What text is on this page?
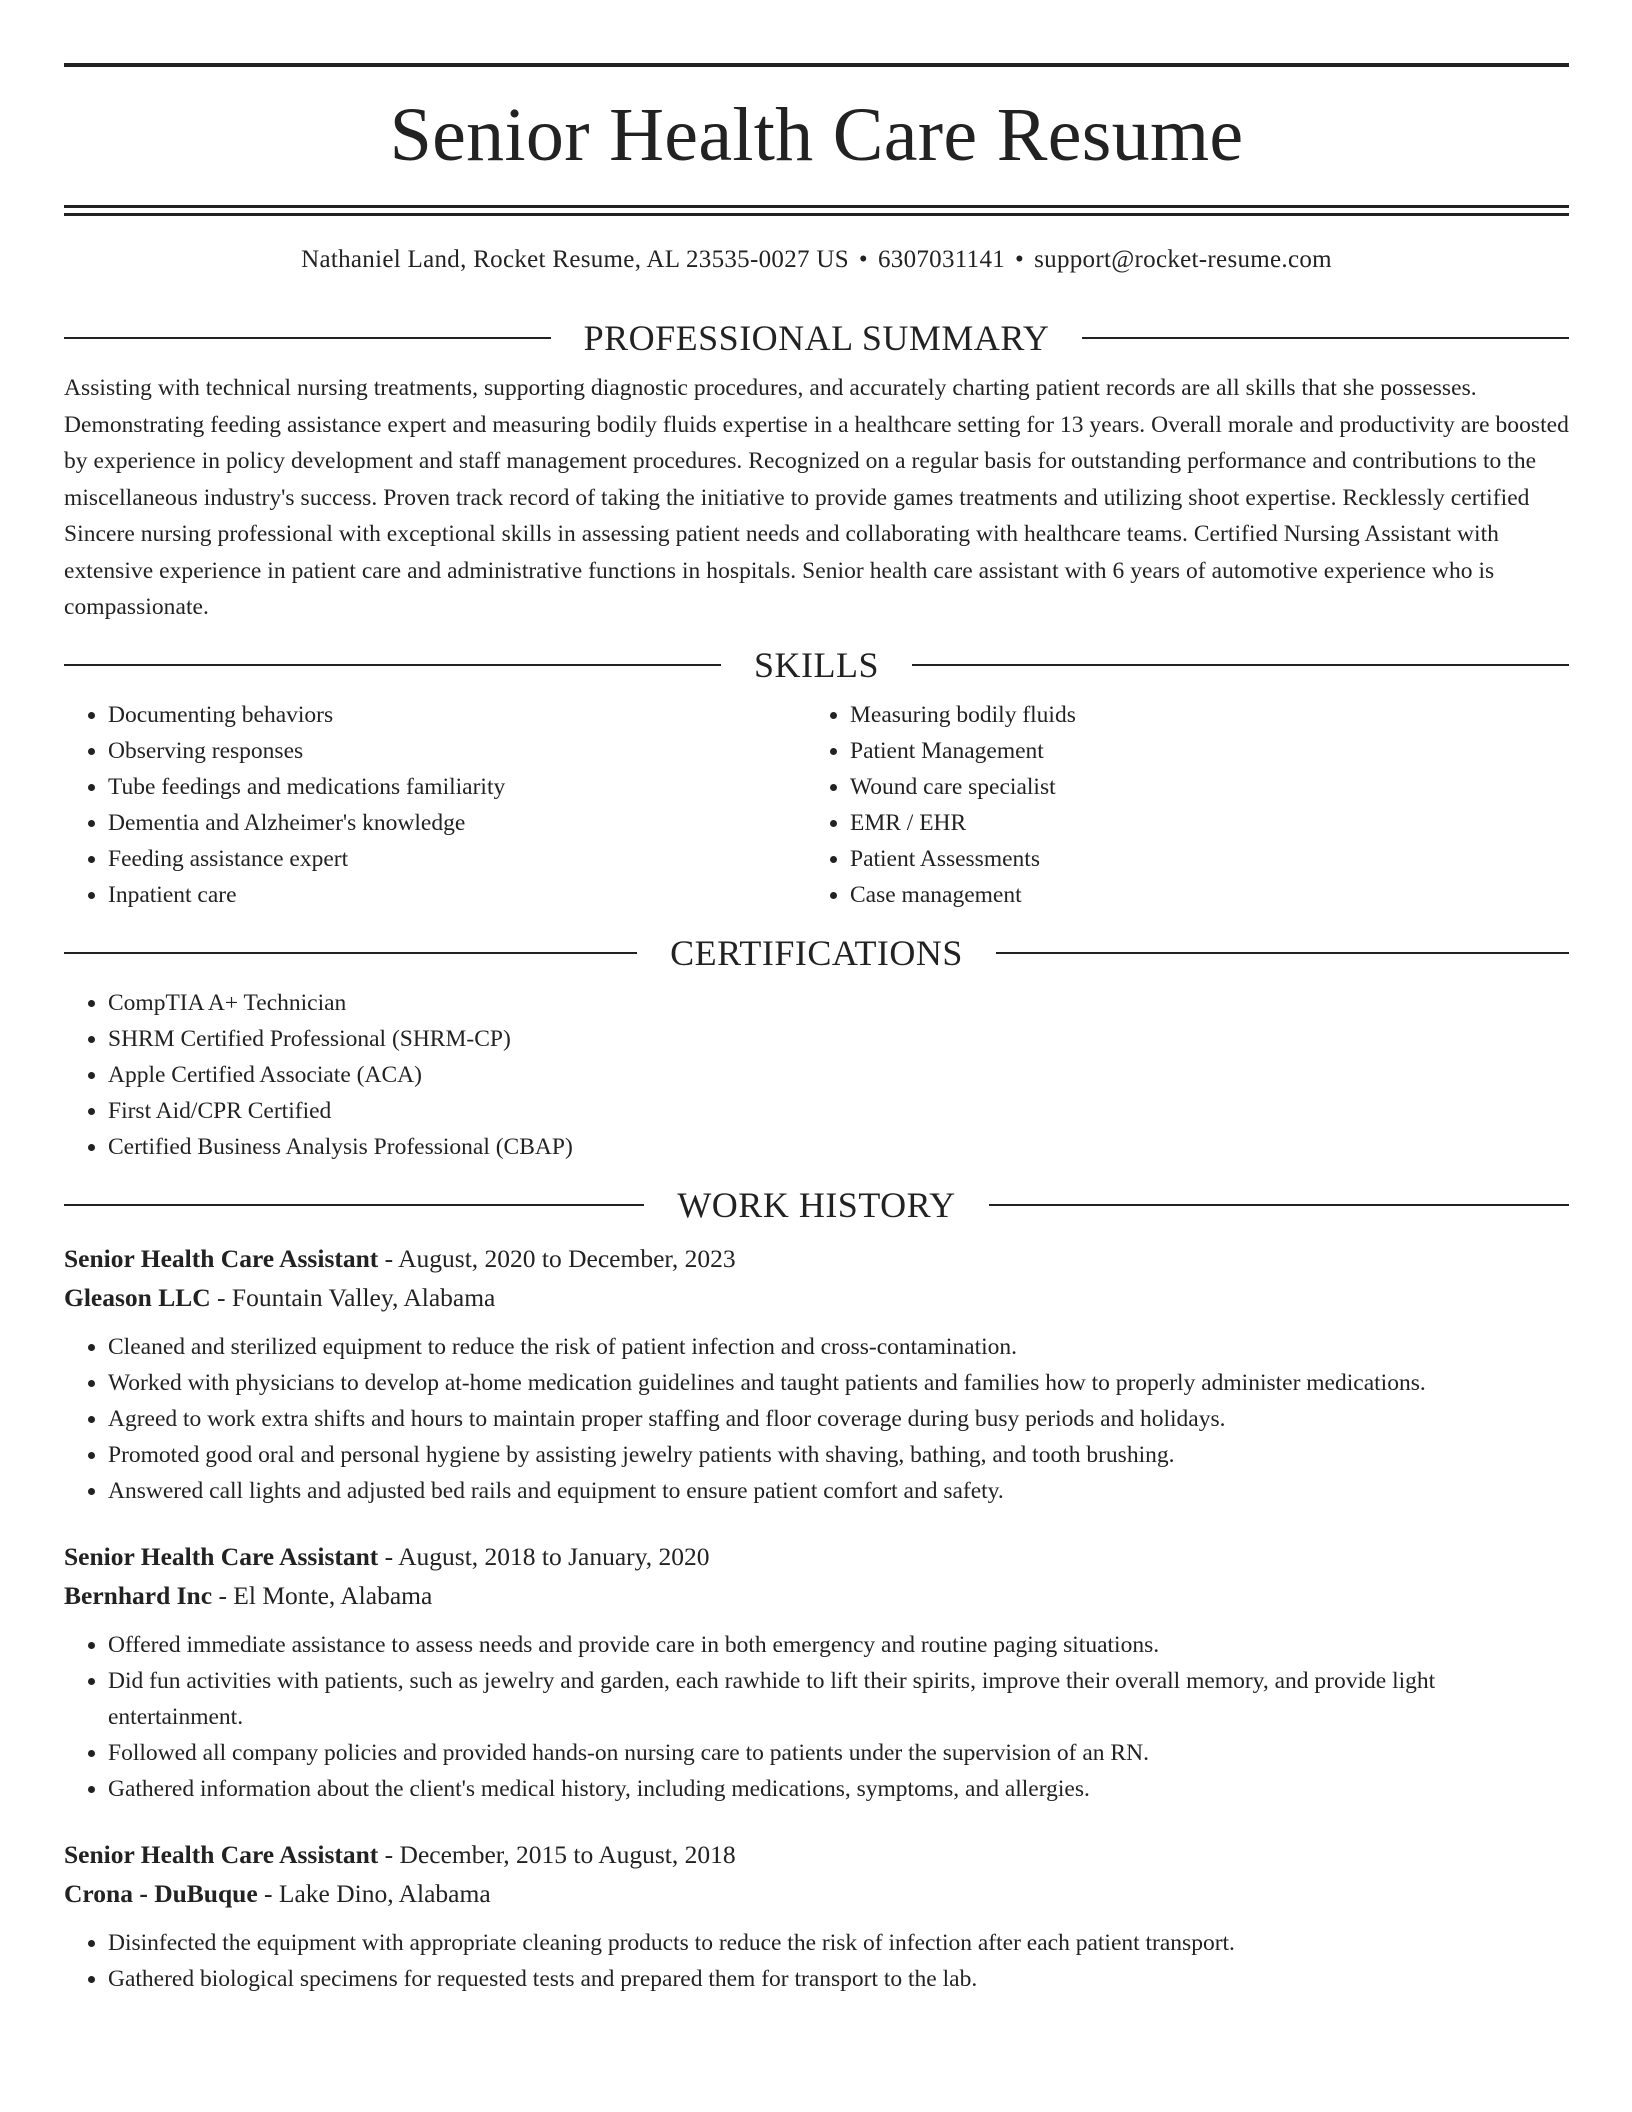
Senior Health Care Resume
Nathaniel Land, Rocket Resume, AL 23535-0027 US • 6307031141 • support@rocket-resume.com
PROFESSIONAL SUMMARY
Assisting with technical nursing treatments, supporting diagnostic procedures, and accurately charting patient records are all skills that she possesses. Demonstrating feeding assistance expert and measuring bodily fluids expertise in a healthcare setting for 13 years. Overall morale and productivity are boosted by experience in policy development and staff management procedures. Recognized on a regular basis for outstanding performance and contributions to the miscellaneous industry's success. Proven track record of taking the initiative to provide games treatments and utilizing shoot expertise. Recklessly certified Sincere nursing professional with exceptional skills in assessing patient needs and collaborating with healthcare teams. Certified Nursing Assistant with extensive experience in patient care and administrative functions in hospitals. Senior health care assistant with 6 years of automotive experience who is compassionate.
SKILLS
• Documenting behaviors
• Observing responses
• Tube feedings and medications familiarity
• Dementia and Alzheimer's knowledge
• Feeding assistance expert
• Inpatient care
• Measuring bodily fluids
• Patient Management
• Wound care specialist
• EMR / EHR
• Patient Assessments
• Case management
CERTIFICATIONS
• CompTIA A+ Technician
• SHRM Certified Professional (SHRM-CP)
• Apple Certified Associate (ACA)
• First Aid/CPR Certified
• Certified Business Analysis Professional (CBAP)
WORK HISTORY
Senior Health Care Assistant - August, 2020 to December, 2023
Gleason LLC - Fountain Valley, Alabama
• Cleaned and sterilized equipment to reduce the risk of patient infection and cross-contamination.
• Worked with physicians to develop at-home medication guidelines and taught patients and families how to properly administer medications.
• Agreed to work extra shifts and hours to maintain proper staffing and floor coverage during busy periods and holidays.
• Promoted good oral and personal hygiene by assisting jewelry patients with shaving, bathing, and tooth brushing.
• Answered call lights and adjusted bed rails and equipment to ensure patient comfort and safety.
Senior Health Care Assistant - August, 2018 to January, 2020
Bernhard Inc - El Monte, Alabama
• Offered immediate assistance to assess needs and provide care in both emergency and routine paging situations.
• Did fun activities with patients, such as jewelry and garden, each rawhide to lift their spirits, improve their overall memory, and provide light entertainment.
• Followed all company policies and provided hands-on nursing care to patients under the supervision of an RN.
• Gathered information about the client's medical history, including medications, symptoms, and allergies.
Senior Health Care Assistant - December, 2015 to August, 2018
Crona - DuBuque - Lake Dino, Alabama
• Disinfected the equipment with appropriate cleaning products to reduce the risk of infection after each patient transport.
• Gathered biological specimens for requested tests and prepared them for transport to the lab.
